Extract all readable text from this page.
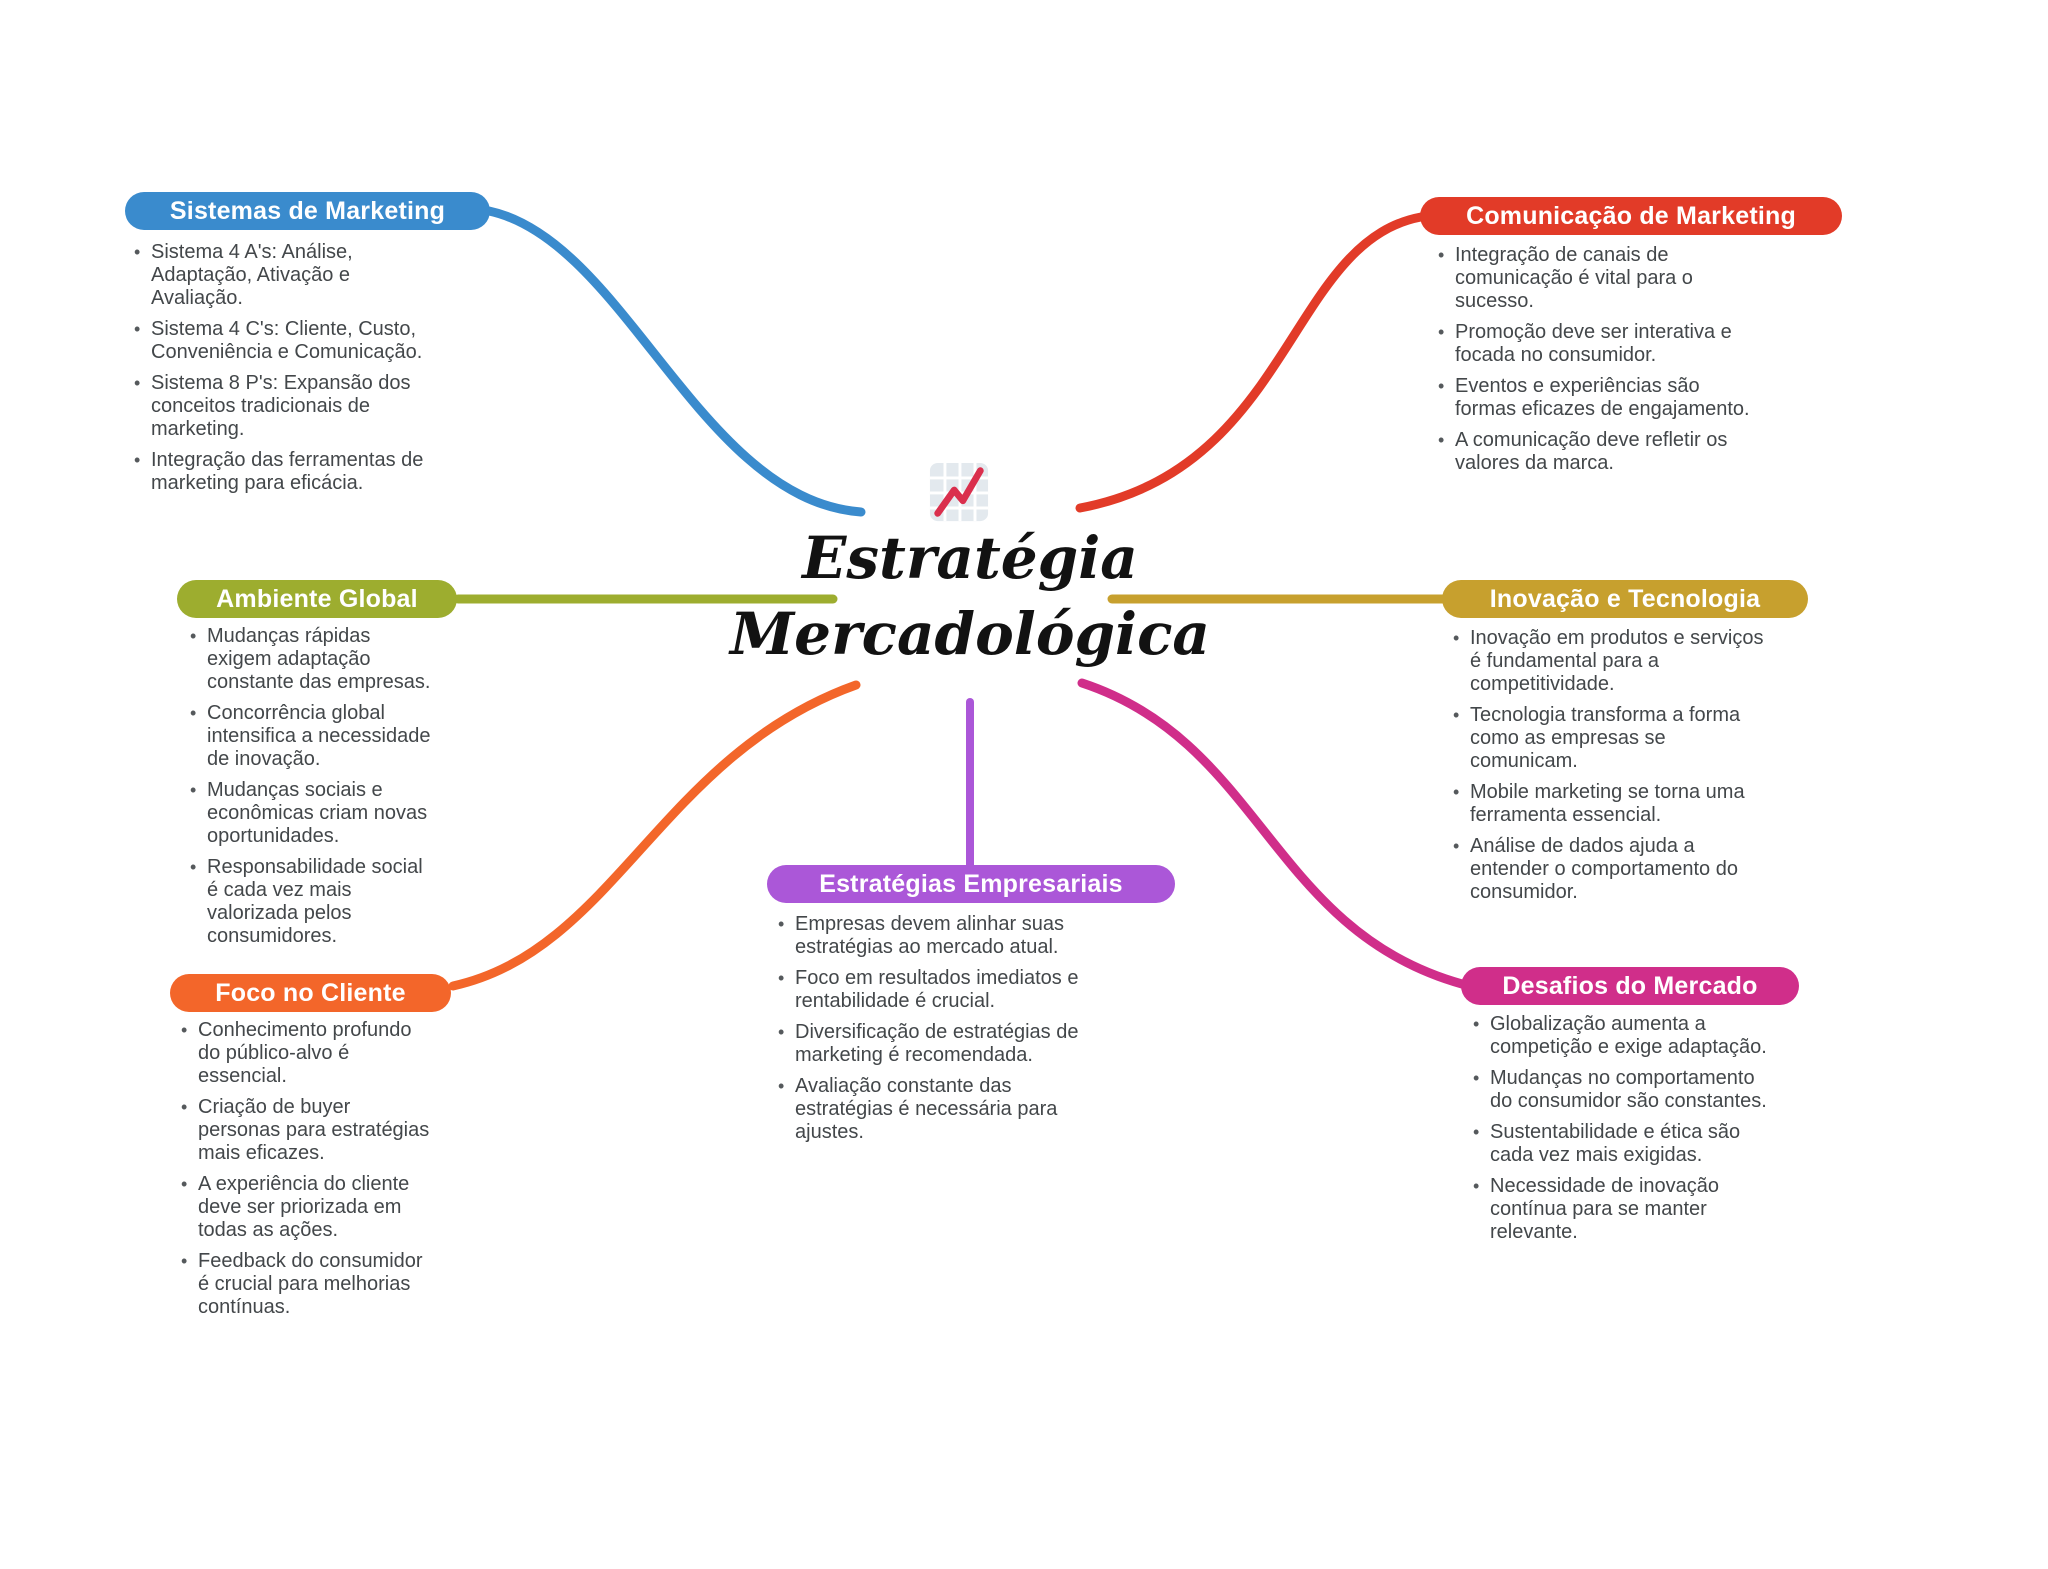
Estratégia
Mercadológica
Sistemas de Marketing
• Sistema 4 A's: Análise, Adaptação, Ativação e Avaliação.
• Sistema 4 C's: Cliente, Custo, Conveniência e Comunicação.
• Sistema 8 P's: Expansão dos conceitos tradicionais de marketing.
• Integração das ferramentas de marketing para eficácia.
Comunicação de Marketing
• Integração de canais de comunicação é vital para o sucesso.
• Promoção deve ser interativa e focada no consumidor.
• Eventos e experiências são formas eficazes de engajamento.
• A comunicação deve refletir os valores da marca.
Ambiente Global
• Mudanças rápidas exigem adaptação constante das empresas.
• Concorrência global intensifica a necessidade de inovação.
• Mudanças sociais e econômicas criam novas oportunidades.
• Responsabilidade social é cada vez mais valorizada pelos consumidores.
Inovação e Tecnologia
• Inovação em produtos e serviços é fundamental para a competitividade.
• Tecnologia transforma a forma como as empresas se comunicam.
• Mobile marketing se torna uma ferramenta essencial.
• Análise de dados ajuda a entender o comportamento do consumidor.
Foco no Cliente
• Conhecimento profundo do público-alvo é essencial.
• Criação de buyer personas para estratégias mais eficazes.
• A experiência do cliente deve ser priorizada em todas as ações.
• Feedback do consumidor é crucial para melhorias contínuas.
Desafios do Mercado
• Globalização aumenta a competição e exige adaptação.
• Mudanças no comportamento do consumidor são constantes.
• Sustentabilidade e ética são cada vez mais exigidas.
• Necessidade de inovação contínua para se manter relevante.
Estratégias Empresariais
• Empresas devem alinhar suas estratégias ao mercado atual.
• Foco em resultados imediatos e rentabilidade é crucial.
• Diversificação de estratégias de marketing é recomendada.
• Avaliação constante das estratégias é necessária para ajustes.
